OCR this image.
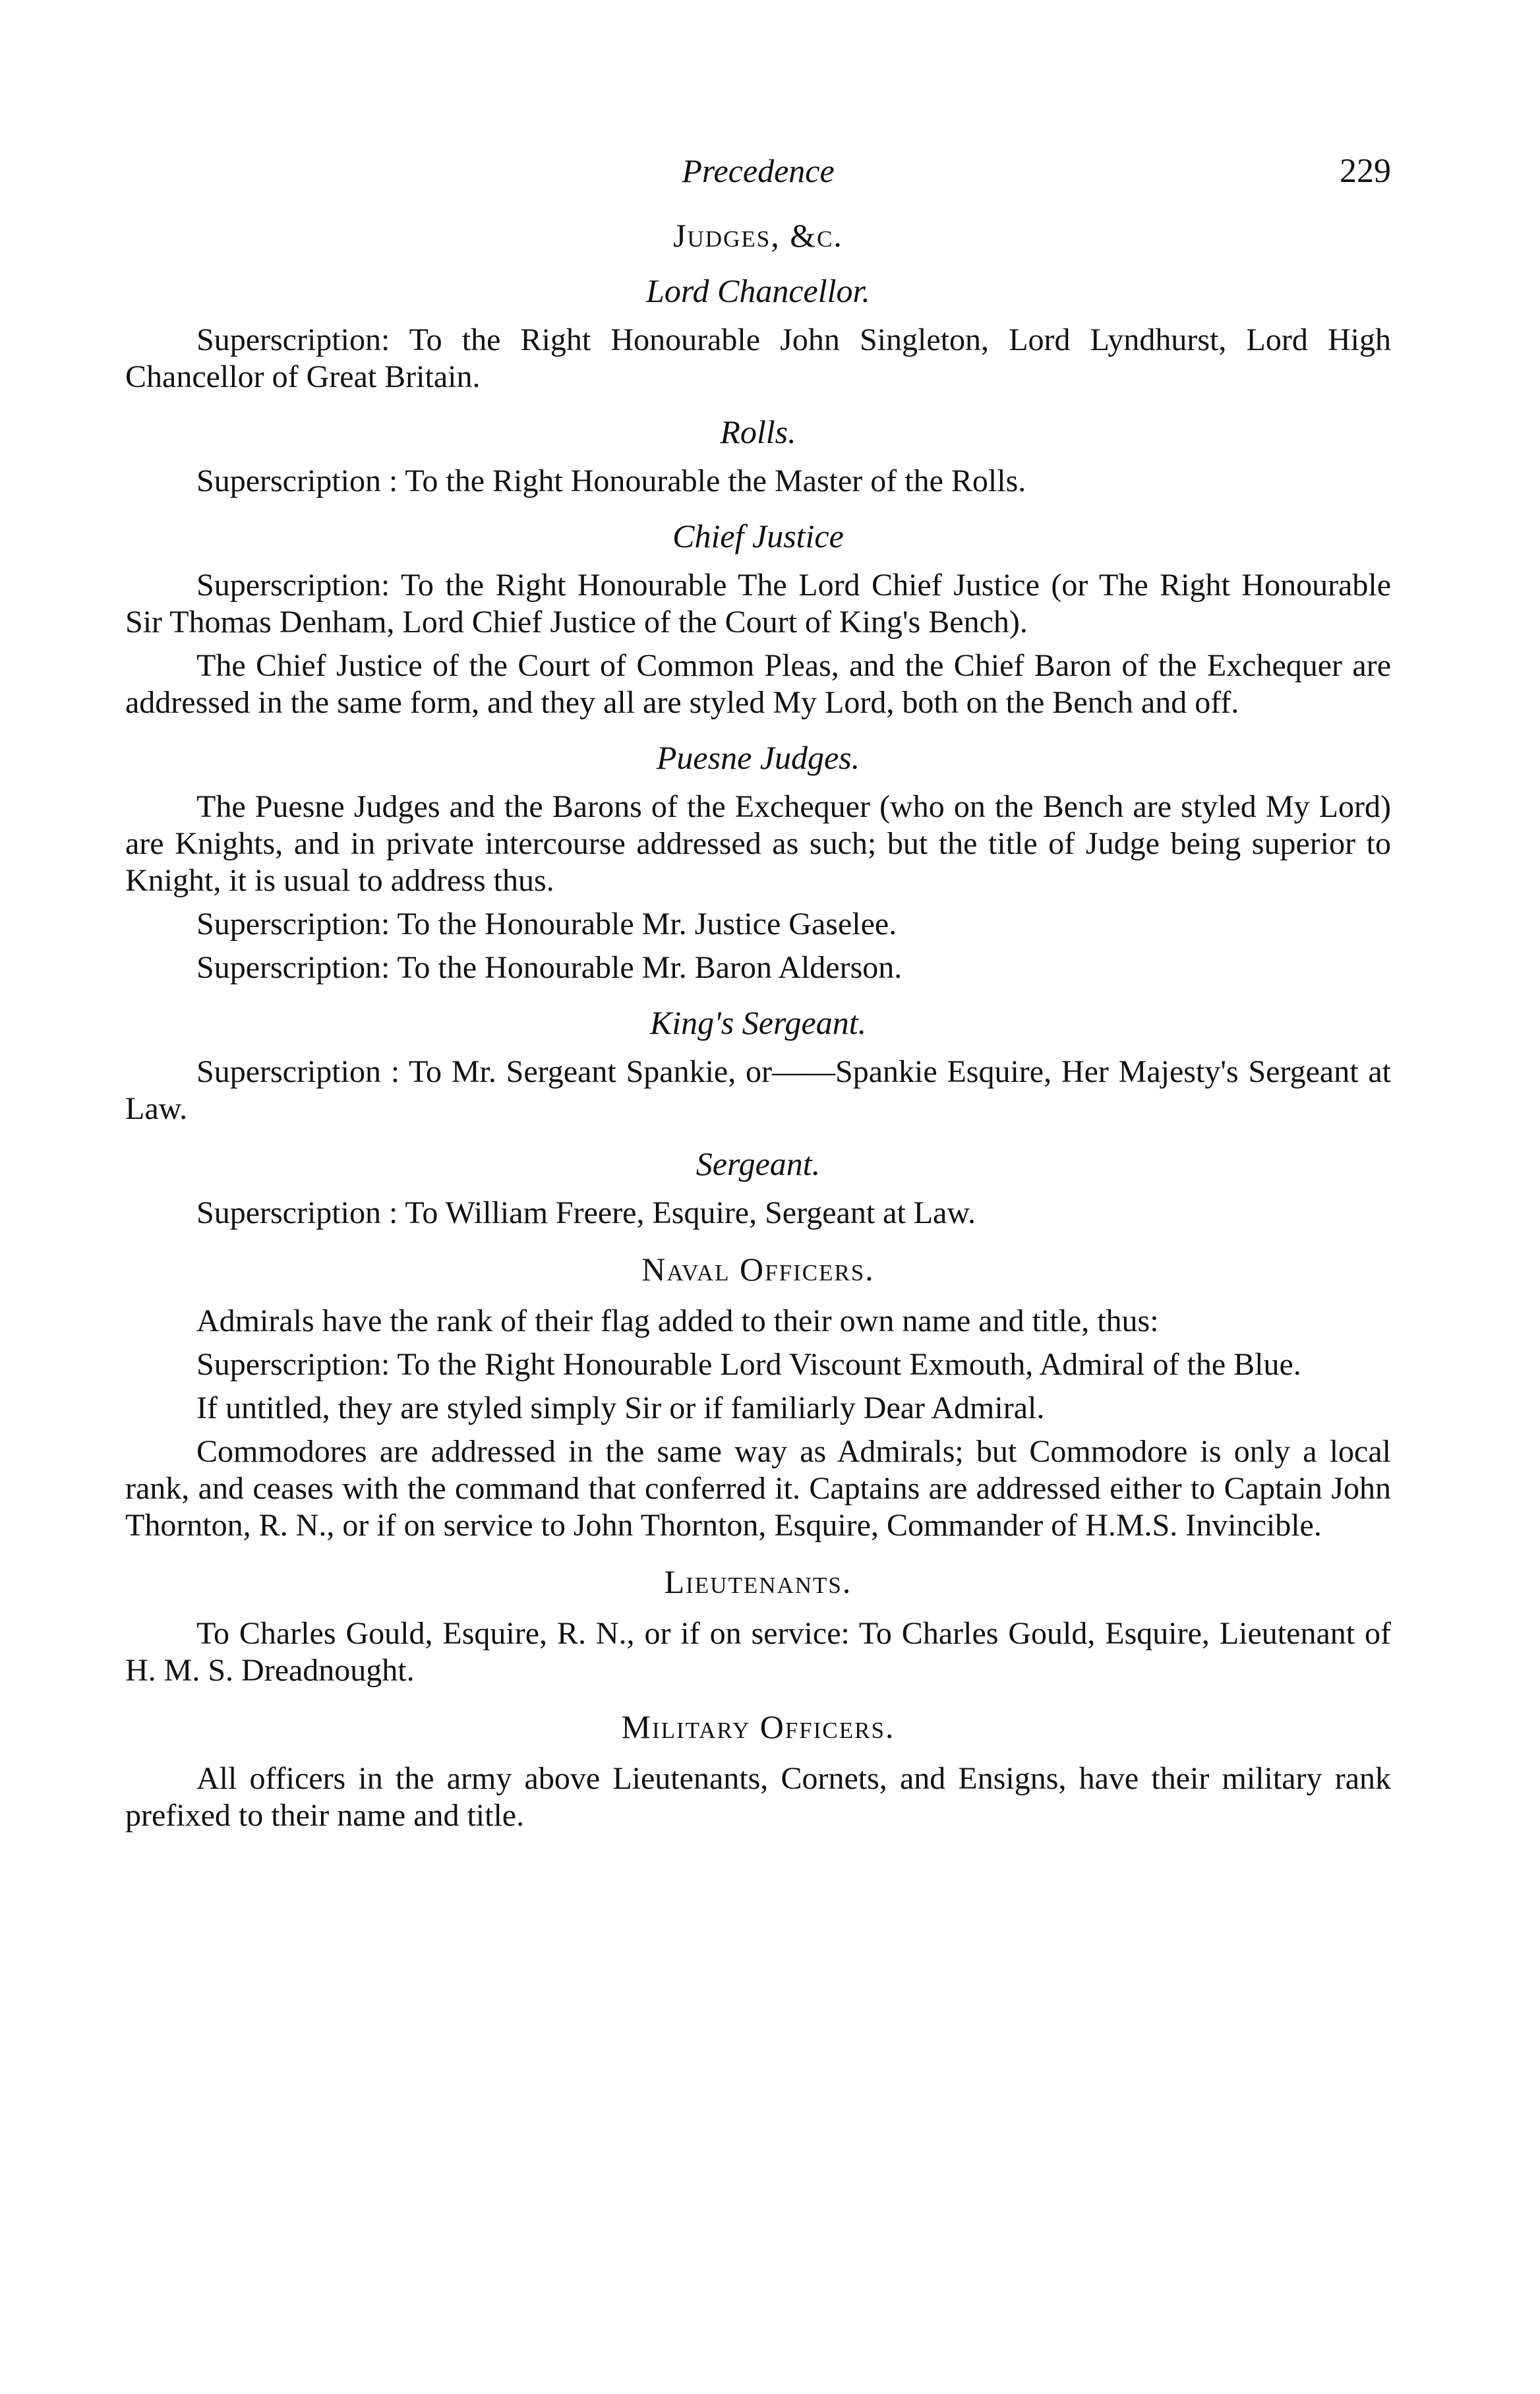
Precedence	229
Judges, &c.
Lord Chancellor.

Superscription: To the Right Honourable John Singleton, Lord Lyndhurst, Lord High Chancellor of Great Britain.

Rolls.

Superscription : To the Right Honourable the Master of the Rolls.

Chief Justice

Superscription: To the Right Honourable The Lord Chief Justice (or The Right Honourable Sir Thomas Denham, Lord Chief Justice of the Court of King's Bench).

The Chief Justice of the Court of Common Pleas, and the Chief Baron of the Exchequer are addressed in the same form, and they all are styled My Lord, both on the Bench and off.

Puesne Judges.

The Puesne Judges and the Barons of the Exchequer (who on the Bench are styled My Lord) are Knights, and in private intercourse addressed as such; but the title of Judge being superior to Knight, it is usual to address thus.

Superscription: To the Honourable Mr. Justice Gaselee.

Superscription: To the Honourable Mr. Baron Alderson.

King's Sergeant.

Superscription : To Mr. Sergeant Spankie, or——Spankie Esquire, Her Majesty's Sergeant at Law.

Sergeant.

Superscription : To William Freere, Esquire, Sergeant at Law.

Naval Officers.

Admirals have the rank of their flag added to their own name and title, thus:

Superscription: To the Right Honourable Lord Viscount Exmouth, Admiral of the Blue.

If untitled, they are styled simply Sir or if familiarly Dear Admiral.

Commodores are addressed in the same way as Admirals; but Commodore is only a local rank, and ceases with the command that conferred it. Captains are addressed either to Captain John Thornton, R. N., or if on service to John Thornton, Esquire, Commander of H.M.S. Invincible.

Lieutenants.

To Charles Gould, Esquire, R. N., or if on service: To Charles Gould, Esquire, Lieutenant of H. M. S. Dreadnought.

Military Officers.

All officers in the army above Lieutenants, Cornets, and Ensigns, have their military rank prefixed to their name and title.
